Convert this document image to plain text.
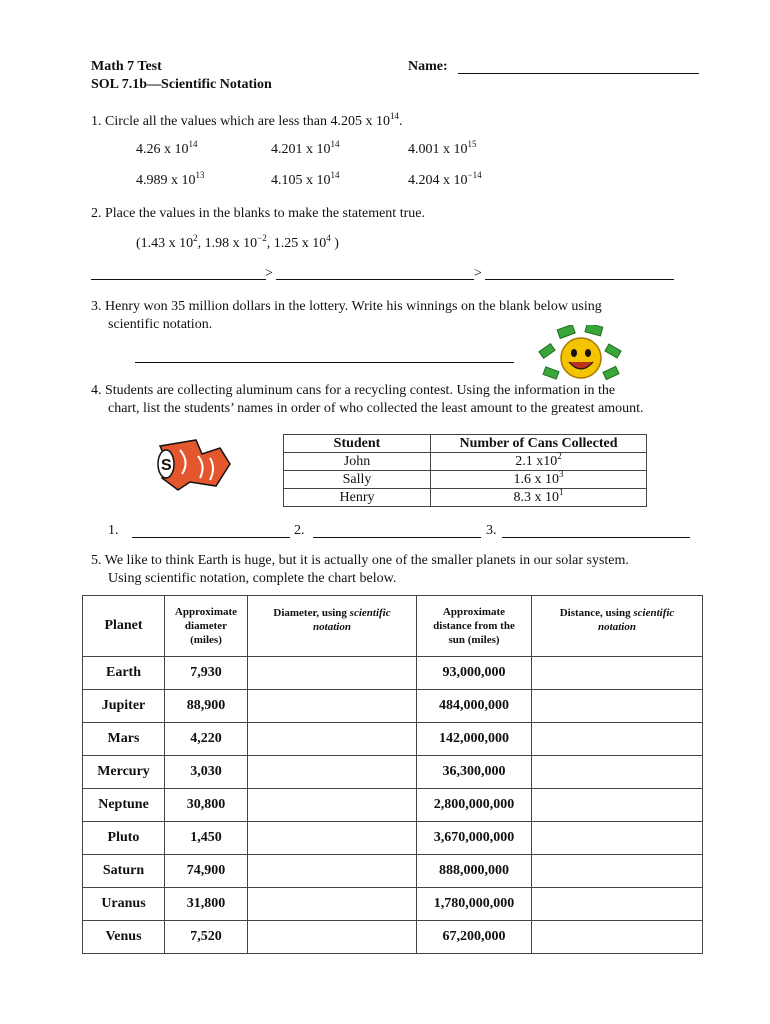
Math 7 Test
SOL 7.1b—Scientific Notation
Name:
1. Circle all the values which are less than 4.205 x $10^{14}$.
4.26 x $10^{14}$	4.201 x $10^{14}$	4.001 x $10^{15}$
4.989 x $10^{13}$	4.105 x $10^{14}$	4.204 x $10^{-14}$
2. Place the values in the blanks to make the statement true.
(1.43 x $10^2$, 1.98 x $10^{-2}$, 1.25 x $10^4$ )
>	>
3. Henry won 35 million dollars in the lottery. Write his winnings on the blank below using
scientific notation.
4. Students are collecting aluminum cans for a recycling contest. Using the information in the
chart, list the students’ names in order of who collected the least amount to the greatest amount.
S
Student	Number of Cans Collected
John	2.1 $x10^2$
Sally	1.6 x $10^3$
Henry	8.3 x $10^1$
1.	2.	3.
5. We like to think Earth is huge, but it is actually one of the smaller planets in our solar system.
Using scientific notation, complete the chart below.
Planet	Approximate
diameter
(miles)	Diameter, using scientific
notation	Approximate
distance from the
sun (miles)	Distance, using scientific
notation
Earth	7,930		93,000,000	
Jupiter	88,900		484,000,000	
Mars	4,220		142,000,000	
Mercury	3,030		36,300,000	
Neptune	30,800		2,800,000,000	
Pluto	1,450		3,670,000,000	
Saturn	74,900		888,000,000	
Uranus	31,800		1,780,000,000	
Venus	7,520		67,200,000	
